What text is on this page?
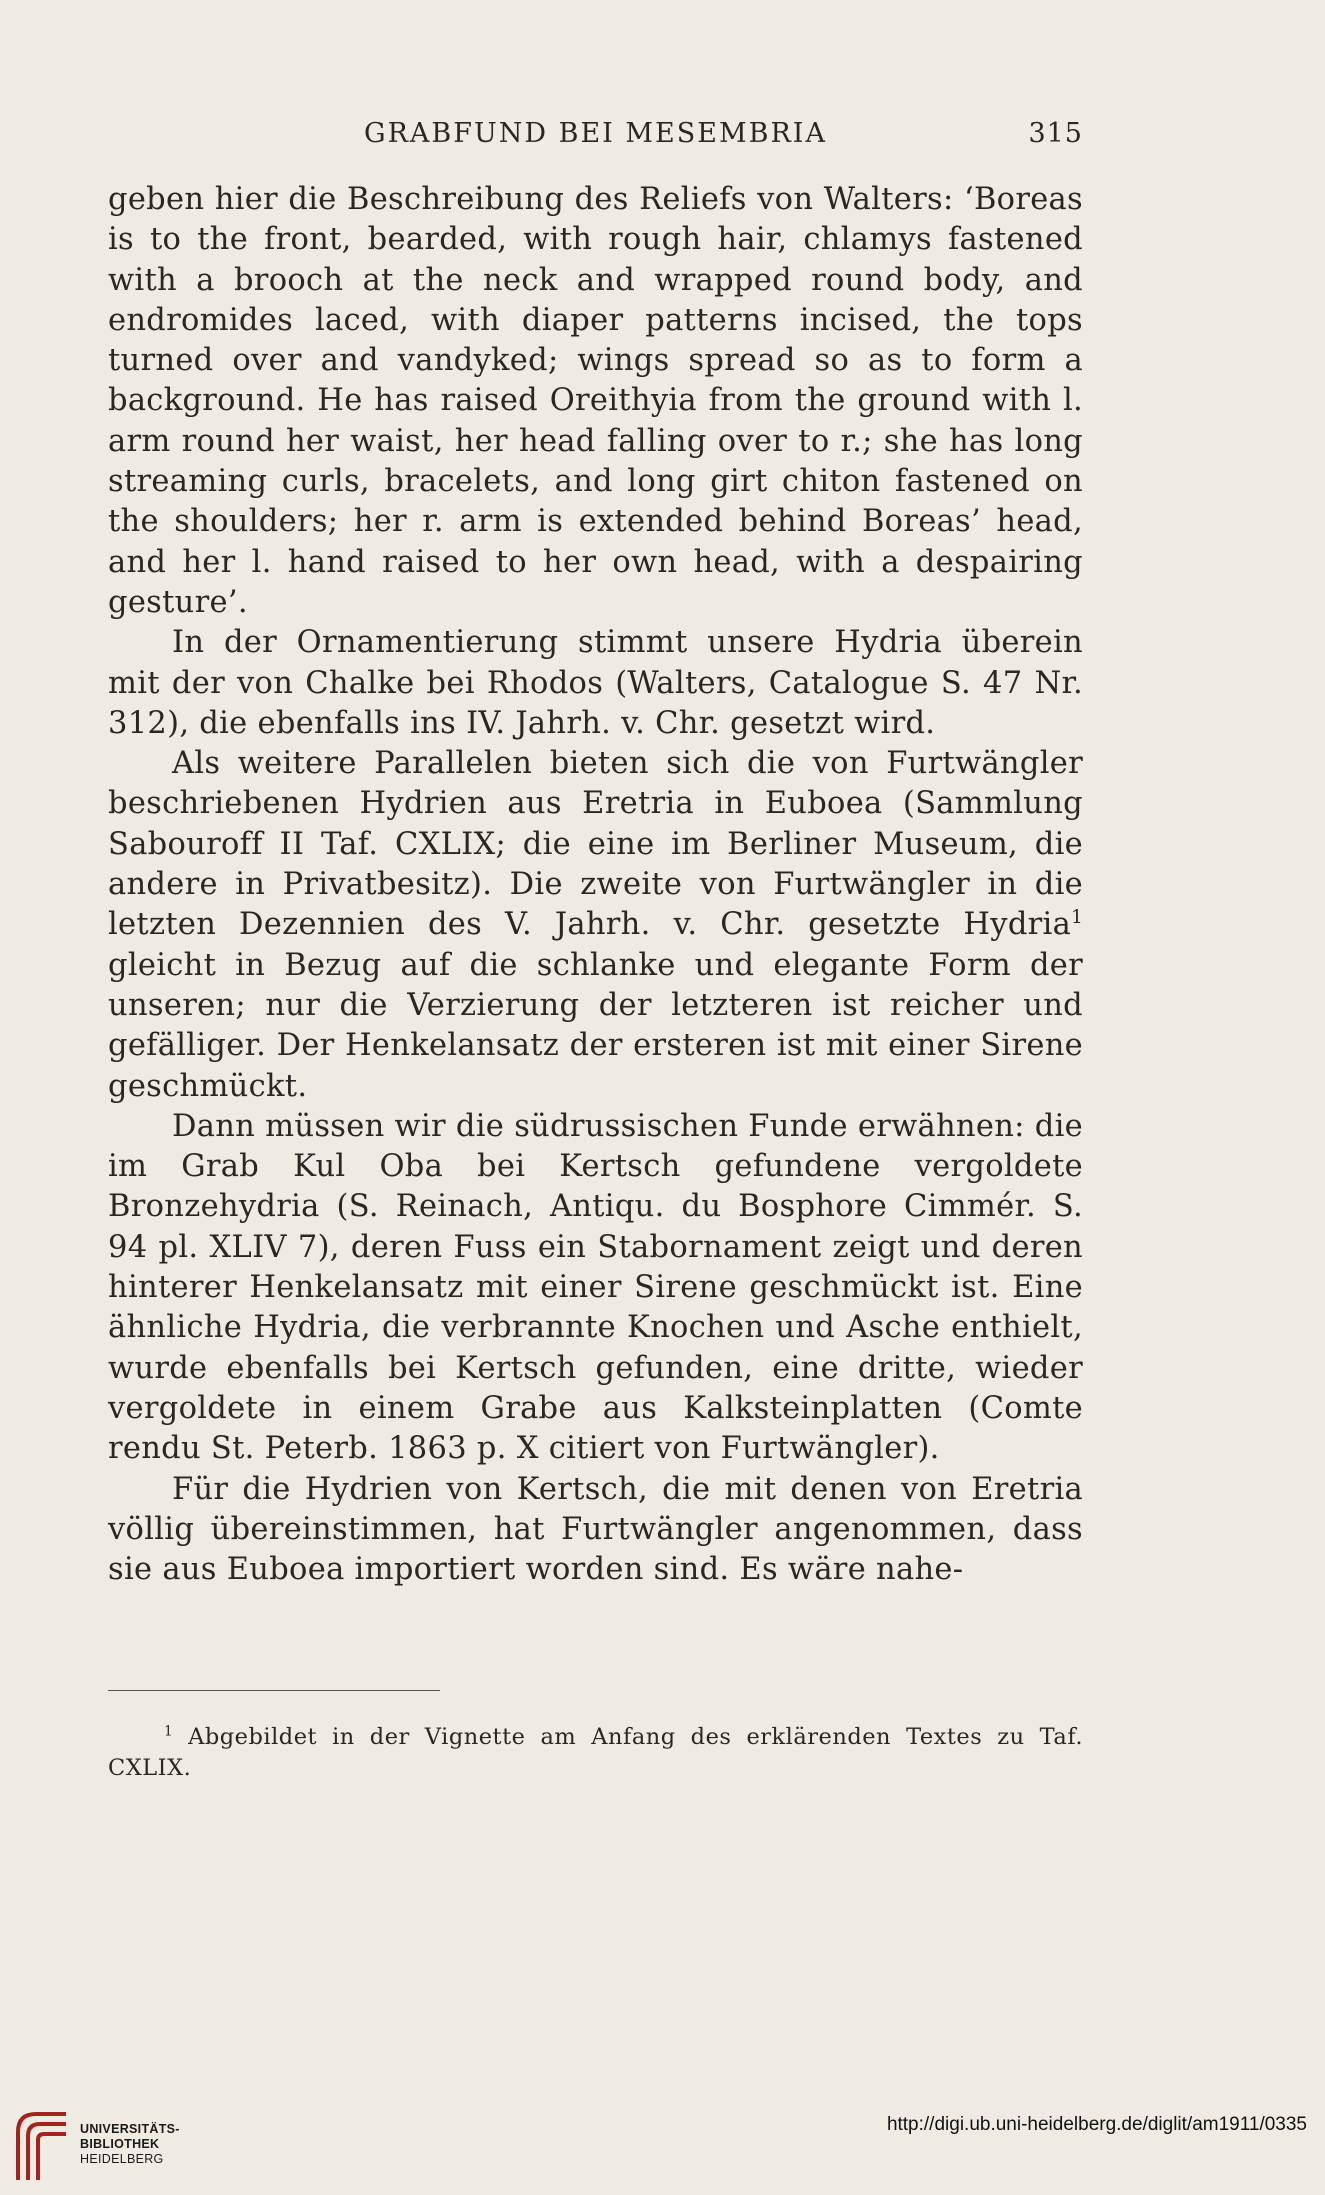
GRABFUND BEI MESEMBRIA	315

geben hier die Beschreibung des Reliefs von Walters: ‘Boreas is to the front, bearded, with rough hair, chlamys fastened with a brooch at the neck and wrapped round body, and endromides laced, with diaper patterns incised, the tops turned over and vandyked; wings spread so as to form a background. He has raised Oreithyia from the ground with l. arm round her waist, her head falling over to r.; she has long streaming curls, bracelets, and long girt chiton fastened on the shoulders; her r. arm is extended behind Boreas’ head, and her l. hand raised to her own head, with a despairing gesture’.

In der Ornamentierung stimmt unsere Hydria überein mit der von Chalke bei Rhodos (Walters, Catalogue S. 47 Nr. 312), die ebenfalls ins IV. Jahrh. v. Chr. gesetzt wird.

Als weitere Parallelen bieten sich die von Furtwängler beschriebenen Hydrien aus Eretria in Euboea (Sammlung Sabouroff II Taf. CXLIX; die eine im Berliner Museum, die andere in Privatbesitz). Die zweite von Furtwängler in die letzten Dezennien des V. Jahrh. v. Chr. gesetzte Hydria$^1$ gleicht in Bezug auf die schlanke und elegante Form der unseren; nur die Verzierung der letzteren ist reicher und gefälliger. Der Henkelansatz der ersteren ist mit einer Sirene geschmückt.

Dann müssen wir die südrussischen Funde erwähnen: die im Grab Kul Oba bei Kertsch gefundene vergoldete Bronzehydria (S. Reinach, Antiqu. du Bosphore Cimmér. S. 94 pl. XLIV 7), deren Fuss ein Stabornament zeigt und deren hinterer Henkelansatz mit einer Sirene geschmückt ist. Eine ähnliche Hydria, die verbrannte Knochen und Asche enthielt, wurde ebenfalls bei Kertsch gefunden, eine dritte, wieder vergoldete in einem Grabe aus Kalksteinplatten (Comte rendu St. Peterb. 1863 p. X citiert von Furtwängler).

Für die Hydrien von Kertsch, die mit denen von Eretria völlig übereinstimmen, hat Furtwängler angenommen, dass sie aus Euboea importiert worden sind. Es wäre nahe-

$^1$ Abgebildet in der Vignette am Anfang des erklärenden Textes zu Taf. CXLIX.
UNIVERSITÄTS-
BIBLIOTHEK
HEIDELBERG
http://digi.ub.uni-heidelberg.de/diglit/am1911/0335
